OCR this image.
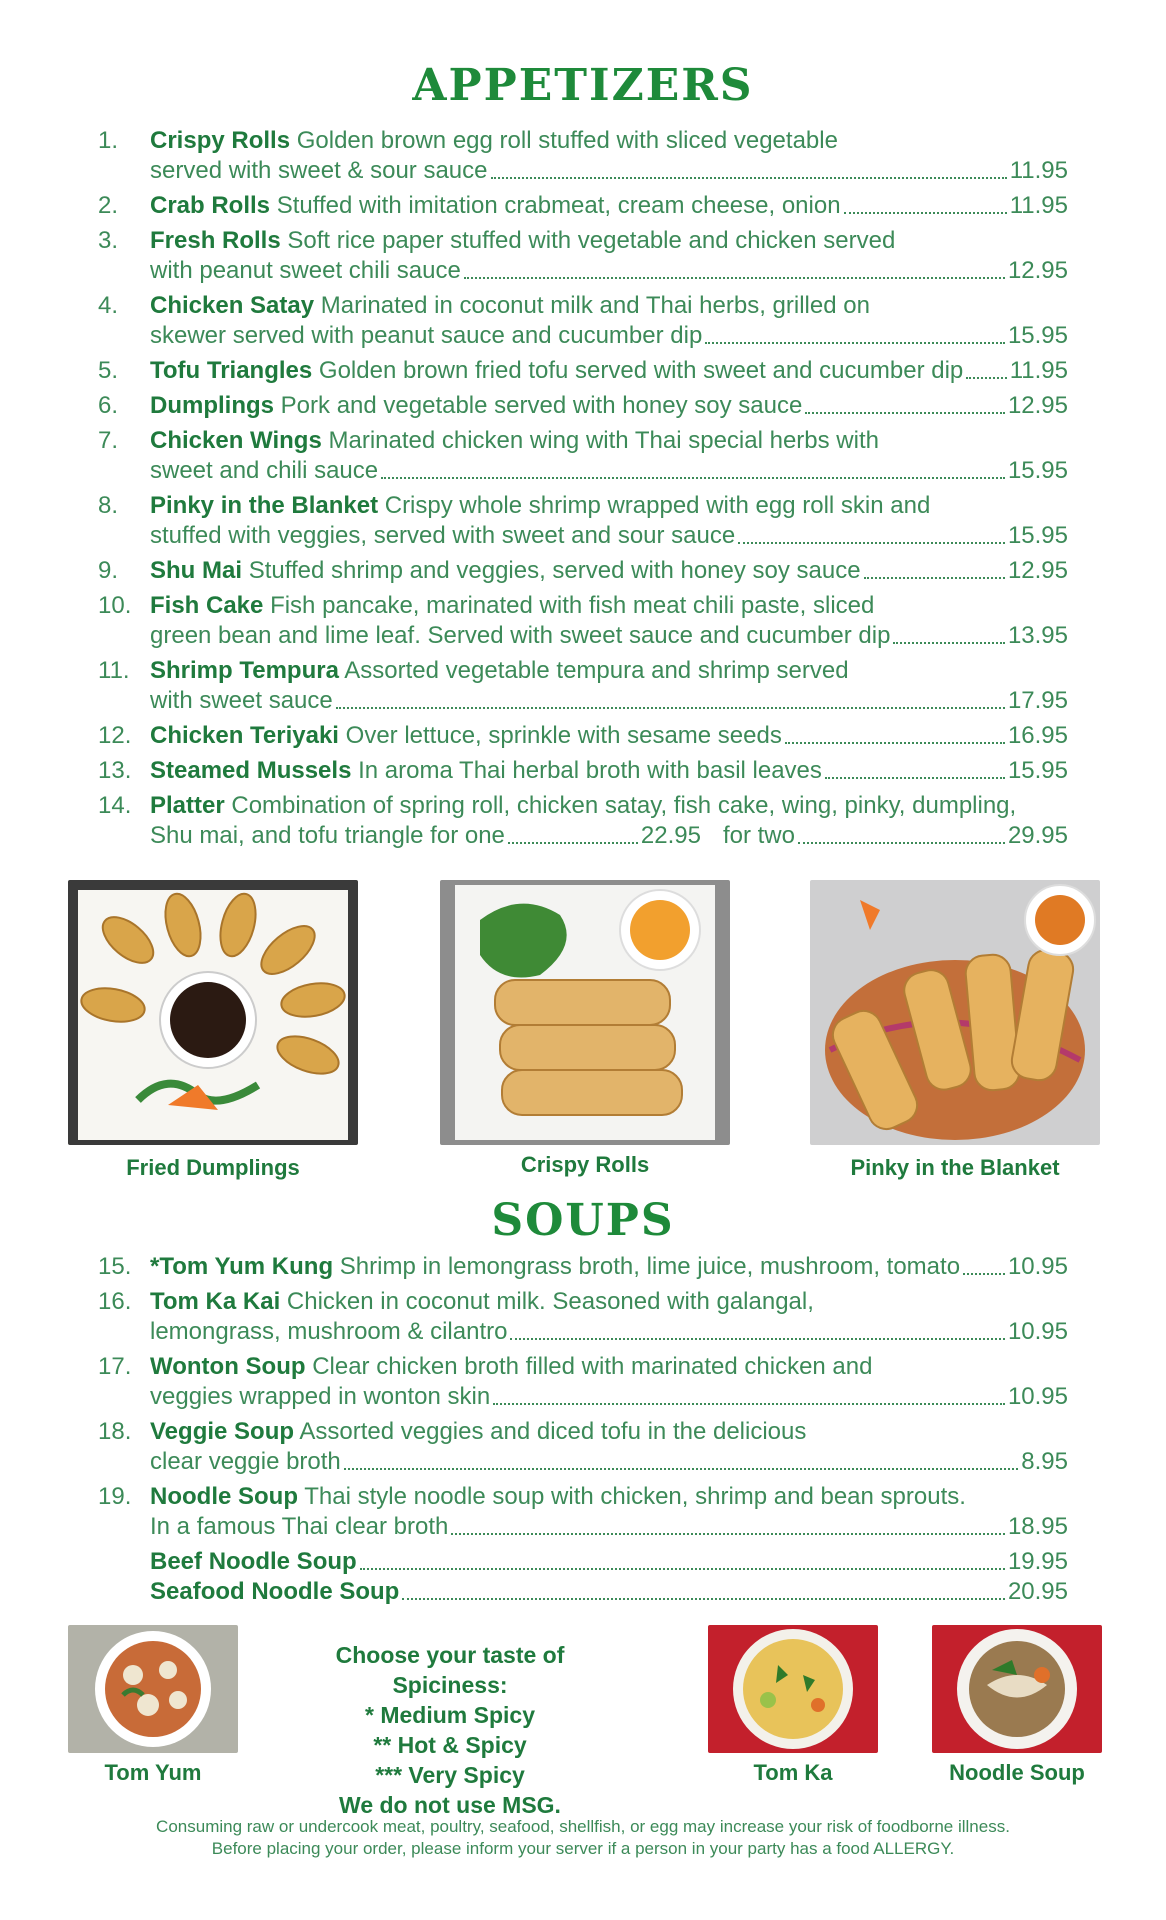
APPETIZERS
1.	Crispy Rolls Golden brown egg roll stuffed with sliced vegetable
served with sweet & sour sauce	11.95
2.	Crab Rolls Stuffed with imitation crabmeat, cream cheese, onion	11.95
3.	Fresh Rolls Soft rice paper stuffed with vegetable and chicken served
with peanut sweet chili sauce	12.95
4.	Chicken Satay Marinated in coconut milk and Thai herbs, grilled on
skewer served with peanut sauce and cucumber dip	15.95
5.	Tofu Triangles Golden brown fried tofu served with sweet and cucumber dip 11.95
6.	Dumplings Pork and vegetable served with honey soy sauce	12.95
7.	Chicken Wings Marinated chicken wing with Thai special herbs with
sweet and chili sauce	15.95
8.	Pinky in the Blanket Crispy whole shrimp wrapped with egg roll skin and
stuffed with veggies, served with sweet and sour sauce	15.95
9.	Shu Mai Stuffed shrimp and veggies, served with honey soy sauce	12.95
10. Fish Cake Fish pancake, marinated with fish meat chili paste, sliced
green bean and lime leaf. Served with sweet sauce and cucumber dip	13.95
11. Shrimp Tempura Assorted vegetable tempura and shrimp served
with sweet sauce	17.95
12. Chicken Teriyaki Over lettuce, sprinkle with sesame seeds	16.95
13. Steamed Mussels In aroma Thai herbal broth with basil leaves	15.95
14. Platter Combination of spring roll, chicken satay, fish cake, wing, pinky, dumpling,
Shu mai, and tofu triangle for one	22.95 for two	29.95
Fried Dumplings	Crispy Rolls	Pinky in the Blanket
SOUPS
15. *Tom Yum Kung Shrimp in lemongrass broth, lime juice, mushroom, tomato 10.95
16. Tom Ka Kai Chicken in coconut milk. Seasoned with galangal,
lemongrass, mushroom & cilantro	10.95
17. Wonton Soup Clear chicken broth filled with marinated chicken and
veggies wrapped in wonton skin	10.95
18. Veggie Soup Assorted veggies and diced tofu in the delicious
clear veggie broth	8.95
19. Noodle Soup Thai style noodle soup with chicken, shrimp and bean sprouts.
In a famous Thai clear broth	18.95
Beef Noodle Soup	19.95
Seafood Noodle Soup	20.95
Tom Yum
Choose your taste of Spiciness:
* Medium Spicy
** Hot & Spicy
*** Very Spicy
We do not use MSG.
Tom Ka	Noodle Soup
Consuming raw or undercook meat, poultry, seafood, shellfish, or egg may increase your risk of foodborne illness.
Before placing your order, please inform your server if a person in your party has a food ALLERGY.
